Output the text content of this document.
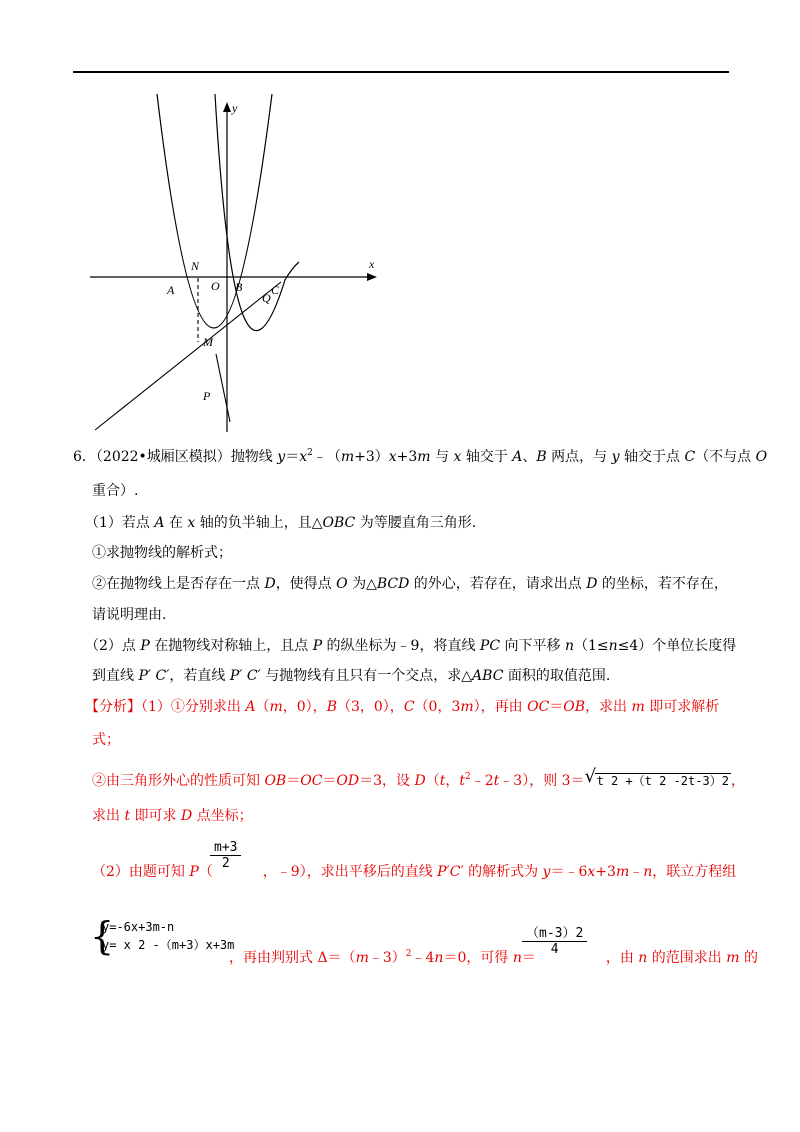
y
x
N
O
A	B C
Q
M
P
6．（2022•城厢区模拟）抛物线 $y=x^2﹣(m+3)x+3m$ 与 x 轴交于 A、B 两点，与 y 轴交于点 C（不与点 O
重合）.
（1）若点 A 在 x 轴的负半轴上，且△OBC 为等腰直角三角形.
①求抛物线的解析式；
②在抛物线上是否存在一点 D，使得点 O 为△BCD 的外心，若存在，请求出点 D 的坐标，若不存在，
请说明理由.
（2）点 P 在抛物线对称轴上，且点 P 的纵坐标为﹣9，将直线 PC 向下平移 n（1≤n≤4）个单位长度得
到直线 P′ C′，若直线 P′ C′ 与抛物线有且只有一个交点，求△ABC 面积的取值范围.
【分析】（1）①分别求出 A（m，0），B（3，0），C（0，3m），再由 OC＝OB，求出 m 即可求解析
式；
②由三角形外心的性质可知 OB＝OC＝OD＝3，设 D（t，$t^2﹣2t﹣3$），则 3＝ √ t 2 +（t 2 -2t-3）2 ，
求出 t 即可求 D 点坐标；
$\frac{m+3}{2}$
（2）由题可知 P（	，﹣9），求出平移后的直线 P′C′ 的解析式为 y＝﹣6x+3m﹣n，联立方程组
{
y=-6x+3m-n
y= x 2 -（m+3）x+3m
，再由判别式 Δ＝（m﹣3）$^2$﹣4n＝0，可得 n＝	，由 n 的范围求出 m 的
$\frac{(m-3)2}{4}$
